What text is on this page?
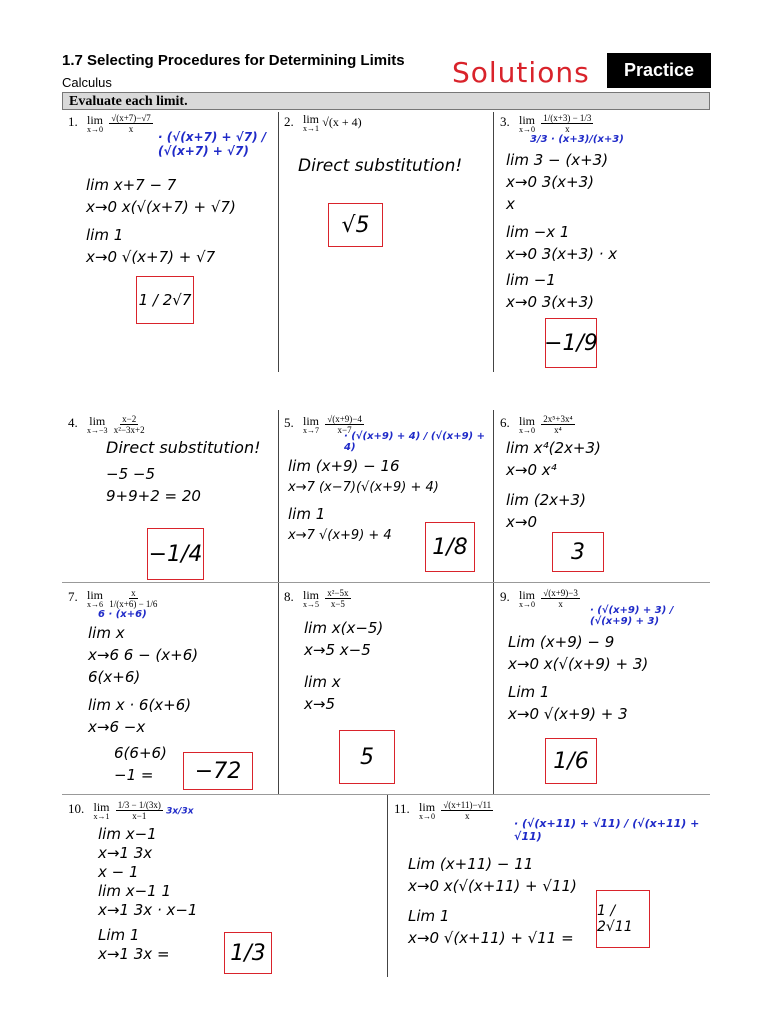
1.7 Selecting Procedures for Determining Limits
Calculus	Solutions	Practice
Evaluate each limit.
1. lim
x→0
$\frac{√(x+7)-√7}{x}$
· (√(x+7) + √7) / (√(x+7) + √7)
lim x+7 − 7
x→0 x(√(x+7) + √7)
lim 1
x→0 √(x+7) + √7
1 / 2√7
2. lim
x→1 √(x + 4)
Direct substitution!
√5
3. lim
x→0
$\frac{1/(x+3) - 1/3}{x}$
3/3 · (x+3)/(x+3)
lim 3 − (x+3)
x→0 3(x+3)
x
lim −x 1
x→0 3(x+3) · x
lim −1
x→0 3(x+3)
−1/9
4. lim
x→−3
$\frac{x-2}{\text{x²−3x+2}}$
Direct substitution!
−5 −5
9+9+2 = 20
−1/4
5. lim
x→7
$\frac{√(x+9)-4}{x-7}$
· (√(x+9) + 4) / (√(x+9) + 4)
lim (x+9) − 16
x→7 (x−7)(√(x+9) + 4)
lim 1
x→7 √(x+9) + 4	1/8
6. lim
x→0
$\frac{\text{2x⁵+3x⁴}}{\text{x⁴}}$
lim x⁴(2x+3)
x→0 x⁴
lim (2x+3)
x→0
3
7. lim
x→6
$\frac{x}{1/(x+6) - 1/6}$
6 · (x+6)
lim x
x→6 6 − (x+6)
6(x+6)
lim x · 6(x+6)
x→6 −x
6(6+6)
−1 =	−72
8. lim
x→5
$\frac{\text{x²−5x}}{x-5}$
lim x(x−5)
x→5 x−5
lim x
x→5
5
9. lim
x→0
$\frac{√(x+9)-3}{x}$
· (√(x+9) + 3) / (√(x+9) + 3)
Lim (x+9) − 9
x→0 x(√(x+9) + 3)
Lim 1
x→0 √(x+9) + 3
1/6
10. lim
x→1
$\frac{1/3 - 1/(3x)}{x-1} 3x/3x$
lim x−1
x→1 3x
x − 1
lim x−1 1
x→1 3x · x−1
Lim 1
x→1 3x =	1/3
11. lim
x→0
$\frac{√(x+11)-√11}{x}$
· (√(x+11) + √11) / (√(x+11) + √11)
Lim (x+11) − 11
x→0 x(√(x+11) + √11)
Lim 1
x→0 √(x+11) + √11 =
1 / 2√11
